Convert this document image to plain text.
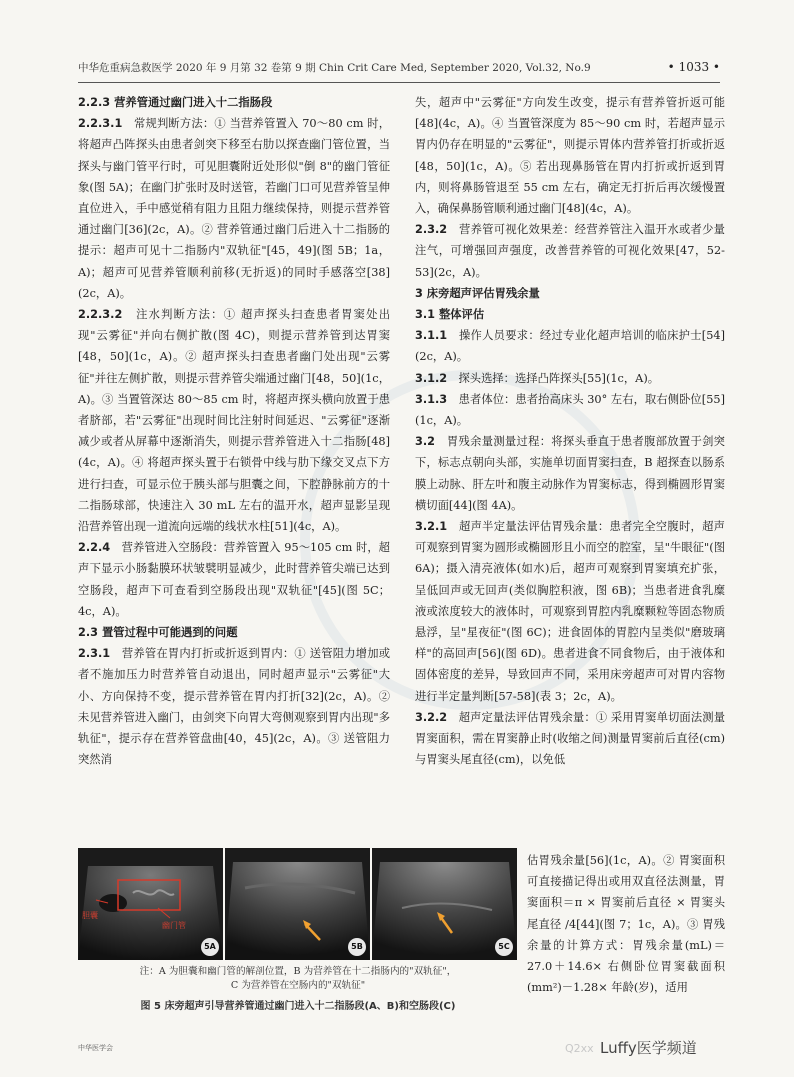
中华危重病急救医学 2020 年 9 月第 32 卷第 9 期 Chin Crit Care Med, September 2020, Vol.32, No.9	• 1033 •

2.2.3 营养管通过幽门进入十二指肠段

2.2.3.1　 常规判断方法：① 当营养管置入 70～80 cm 时，将超声凸阵探头由患者剑突下移至右肋以探查幽门管位置，当探头与幽门管平行时，可见胆囊附近处形似"倒 8"的幽门管征象(图 5A)；在幽门扩张时及时送管，若幽门口可见营养管呈伸直位进入，手中感觉稍有阻力且阻力继续保持，则提示营养管通过幽门[36](2c，A)。② 营养管通过幽门后进入十二指肠的提示：超声可见十二指肠内"双轨征"[45，49](图 5B；1a，A)；超声可见营养管顺利前移(无折返)的同时手感落空[38](2c，A)。

2.2.3.2　 注水判断方法：① 超声探头扫查患者胃窦处出现"云雾征"并向右侧扩散(图 4C)，则提示营养管到达胃窦[48，50](1c，A)。② 超声探头扫查患者幽门处出现"云雾征"并往左侧扩散，则提示营养管尖端通过幽门[48，50](1c，A)。③ 当置管深达 80～85 cm 时，将超声探头横向放置于患者脐部，若"云雾征"出现时间比注射时间延迟、"云雾征"逐渐减少或者从屏幕中逐渐消失，则提示营养管进入十二指肠[48](4c，A)。④ 将超声探头置于右锁骨中线与肋下缘交叉点下方进行扫查，可显示位于胰头部与胆囊之间，下腔静脉前方的十二指肠球部，快速注入 30 mL 左右的温开水，超声显影呈现沿营养管出现一道流向远端的线状水柱[51](4c，A)。

2.2.4　 营养管进入空肠段：营养管置入 95～105 cm 时，超声下显示小肠黏膜环状皱襞明显减少，此时营养管尖端已达到空肠段，超声下可查看到空肠段出现"双轨征"[45](图 5C；4c，A)。

2.3 置管过程中可能遇到的问题

2.3.1　 营养管在胃内打折或折返到胃内：① 送管阻力增加或者不施加压力时营养管自动退出，同时超声显示"云雾征"大小、方向保持不变，提示营养管在胃内打折[32](2c，A)。② 未见营养管进入幽门，由剑突下向胃大弯侧观察到胃内出现"多轨征"，提示存在营养管盘曲[40，45](2c，A)。③ 送管阻力突然消

失，超声中"云雾征"方向发生改变，提示有营养管折返可能[48](4c，A)。④ 当置管深度为 85～90 cm 时，若超声显示胃内仍存在明显的"云雾征"，则提示胃体内营养管打折或折返[48，50](1c，A)。⑤ 若出现鼻肠管在胃内打折或折返到胃内，则将鼻肠管退至 55 cm 左右，确定无打折后再次缓慢置入，确保鼻肠管顺利通过幽门[48](4c，A)。

2.3.2　 营养管可视化效果差：经营养管注入温开水或者少量注气，可增强回声强度，改善营养管的可视化效果[47，52-53](2c，A)。

3 床旁超声评估胃残余量

3.1 整体评估

3.1.1　 操作人员要求：经过专业化超声培训的临床护士[54](2c，A)。

3.1.2　 探头选择：选择凸阵探头[55](1c，A)。

3.1.3　 患者体位：患者抬高床头 30° 左右，取右侧卧位[55](1c，A)。

3.2　 胃残余量测量过程：将探头垂直于患者腹部放置于剑突下，标志点朝向头部，实施单切面胃窦扫查，B 超探查以肠系膜上动脉、肝左叶和腹主动脉作为胃窦标志，得到椭圆形胃窦横切面[44](图 4A)。

3.2.1　 超声半定量法评估胃残余量：患者完全空腹时，超声可观察到胃窦为圆形或椭圆形且小而空的腔室，呈"牛眼征"(图 6A)；摄入清亮液体(如水)后，超声可观察到胃窦填充扩张，呈低回声或无回声(类似胸腔积液，图 6B)；当患者进食乳糜液或浓度较大的液体时，可观察到胃腔内乳糜颗粒等固态物质悬浮，呈"星夜征"(图 6C)；进食固体的胃腔内呈类似"磨玻璃样"的高回声[56](图 6D)。患者进食不同食物后，由于液体和固体密度的差异，导致回声不同，采用床旁超声可对胃内容物进行半定量判断[57-58](表 3；2c，A)。

3.2.2　 超声定量法评估胃残余量：① 采用胃窦单切面法测量胃窦面积，需在胃窦静止时(收缩之间)测量胃窦前后直径(cm)与胃窦头尾直径(cm)，以免低

估胃残余量[56](1c，A)。② 胃窦面积可直接描记得出或用双直径法测量，胃窦面积＝π × 胃窦前后直径 × 胃窦头尾直径 /4[44](图 7；1c，A)。③ 胃残余量的计算方式：胃残余量(mL)＝27.0＋14.6× 右侧卧位胃窦截面积(mm²)－1.28× 年龄(岁)，适用

胆囊
幽门管
5A	5B	5C
注：A 为胆囊和幽门管的解剖位置，B 为营养管在十二指肠内的"双轨征"，
C 为营养管在空肠内的"双轨征"
图 5 床旁超声引导营养管通过幽门进入十二指肠段(A、B)和空肠段(C)
中华医学会	Q2xx Luffy医学频道
